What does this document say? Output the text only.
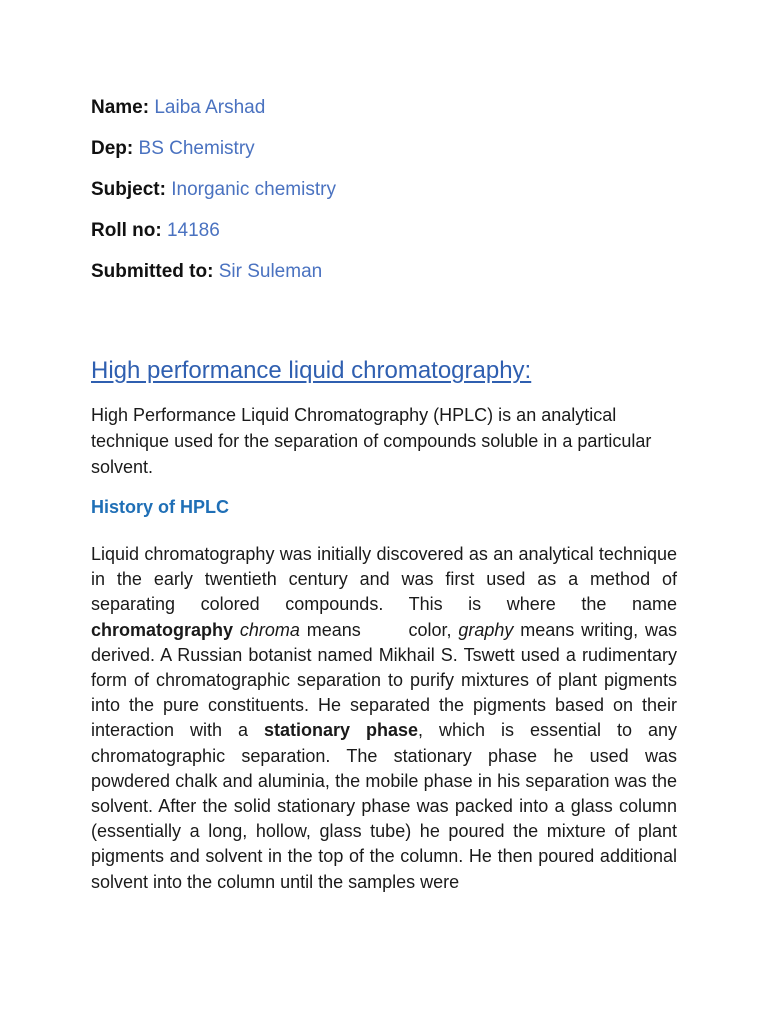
Name: Laiba Arshad
Dep: BS Chemistry
Subject: Inorganic chemistry
Roll no: 14186
Submitted to: Sir Suleman
High performance liquid chromatography:

High Performance Liquid Chromatography (HPLC) is an analytical technique used for the separation of compounds soluble in a particular solvent.

History of HPLC

Liquid chromatography was initially discovered as an analytical technique in the early twentieth century and was first used as a method of separating colored compounds. This is where the name chromatography chroma means       color, graphy means writing, was derived. A Russian botanist named Mikhail S. Tswett used a rudimentary form of chromatographic separation to purify mixtures of plant pigments into the pure constituents. He separated the pigments based on their interaction with a stationary phase, which is essential to any chromatographic separation. The stationary phase he used was powdered chalk and aluminia, the mobile phase in his separation was the solvent. After the solid stationary phase was packed into a glass column (essentially a long, hollow, glass tube) he poured the mixture of plant pigments and solvent in the top of the column. He then poured additional solvent into the column until the samples were
